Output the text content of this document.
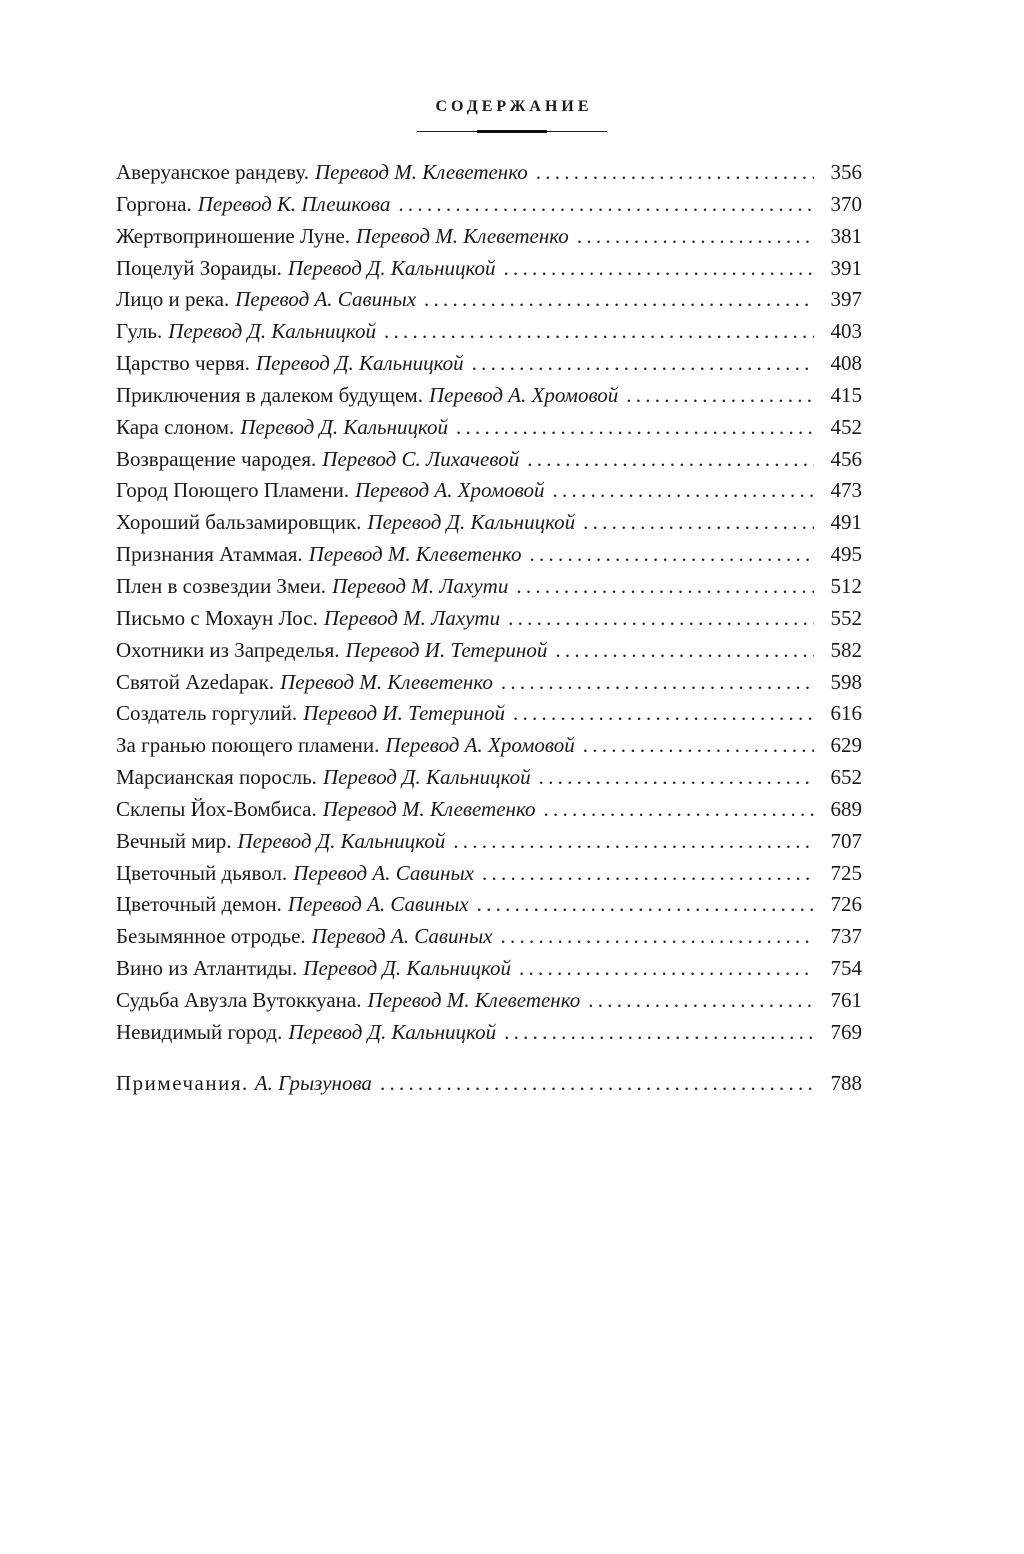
СОДЕРЖАНИЕ
Аверуанское рандеву. Перевод М. Клеветенко . . .	356
Горгона. Перевод К. Плешкова . . .	370
Жертвоприношение Луне. Перевод М. Клеветенко . . .	381
Поцелуй Зораиды. Перевод Д. Кальницкой . . .	391
Лицо и река. Перевод А. Савиных . . .	397
Гуль. Перевод Д. Кальницкой . . .	403
Царство червя. Перевод Д. Кальницкой . . .	408
Приключения в далеком будущем. Перевод А. Хромовой . . .	415
Кара слоном. Перевод Д. Кальницкой . . .	452
Возвращение чародея. Перевод С. Лихачевой . . .	456
Город Поющего Пламени. Перевод А. Хромовой . . .	473
Хороший бальзамировщик. Перевод Д. Кальницкой . . .	491
Признания Атаммая. Перевод М. Клеветенко . . .	495
Плен в созвездии Змеи. Перевод М. Лахути . . .	512
Письмо с Мохаун Лос. Перевод М. Лахути . . .	552
Охотники из Запределья. Перевод И. Тетериной . . .	582
Святой Аzedарак. Перевод М. Клеветенко . . .	598
Создатель горгулий. Перевод И. Тетериной . . .	616
За гранью поющего пламени. Перевод А. Хромовой . . .	629
Марсианская поросль. Перевод Д. Кальницкой . . .	652
Склепы Йох-Вомбиса. Перевод М. Клеветенко . . .	689
Вечный мир. Перевод Д. Кальницкой . . .	707
Цветочный дьявол. Перевод А. Савиных . . .	725
Цветочный демон. Перевод А. Савиных . . .	726
Безымянное отродье. Перевод А. Савиных . . .	737
Вино из Атлантиды. Перевод Д. Кальницкой . . .	754
Судьба Авузла Вутоккуана. Перевод М. Клеветенко . . .	761
Невидимый город. Перевод Д. Кальницкой . . .	769
Примечания. А. Грызунова . . .	788
